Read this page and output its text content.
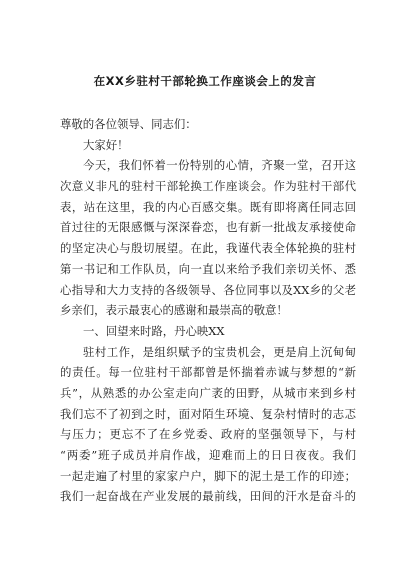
在XX乡驻村干部轮换工作座谈会上的发言
尊敬的各位领导、同志们：
大家好！
今天，我们怀着一份特别的心情，齐聚一堂，召开这
次意义非凡的驻村干部轮换工作座谈会。作为驻村干部代
表，站在这里，我的内心百感交集。既有即将离任同志回
首过往的无限感慨与深深眷恋，也有新一批战友承接使命
的坚定决心与殷切展望。在此，我谨代表全体轮换的驻村
第一书记和工作队员，向一直以来给予我们亲切关怀、悉
心指导和大力支持的各级领导、各位同事以及XX乡的父老
乡亲们，表示最衷心的感谢和最崇高的敬意！
一、回望来时路，丹心映XX
驻村工作，是组织赋予的宝贵机会，更是肩上沉甸甸
的责任。每一位驻村干部都曾是怀揣着赤诚与梦想的“新
兵”，从熟悉的办公室走向广袤的田野，从城市来到乡村
我们忘不了初到之时，面对陌生环境、复杂村情时的志忑
与压力；更忘不了在乡党委、政府的坚强领导下，与村
“两委”班子成员并肩作战，迎难而上的日日夜夜。我们
一起走遍了村里的家家户户，脚下的泥土是工作的印迹；
我们一起奋战在产业发展的最前线，田间的汗水是奋斗的
